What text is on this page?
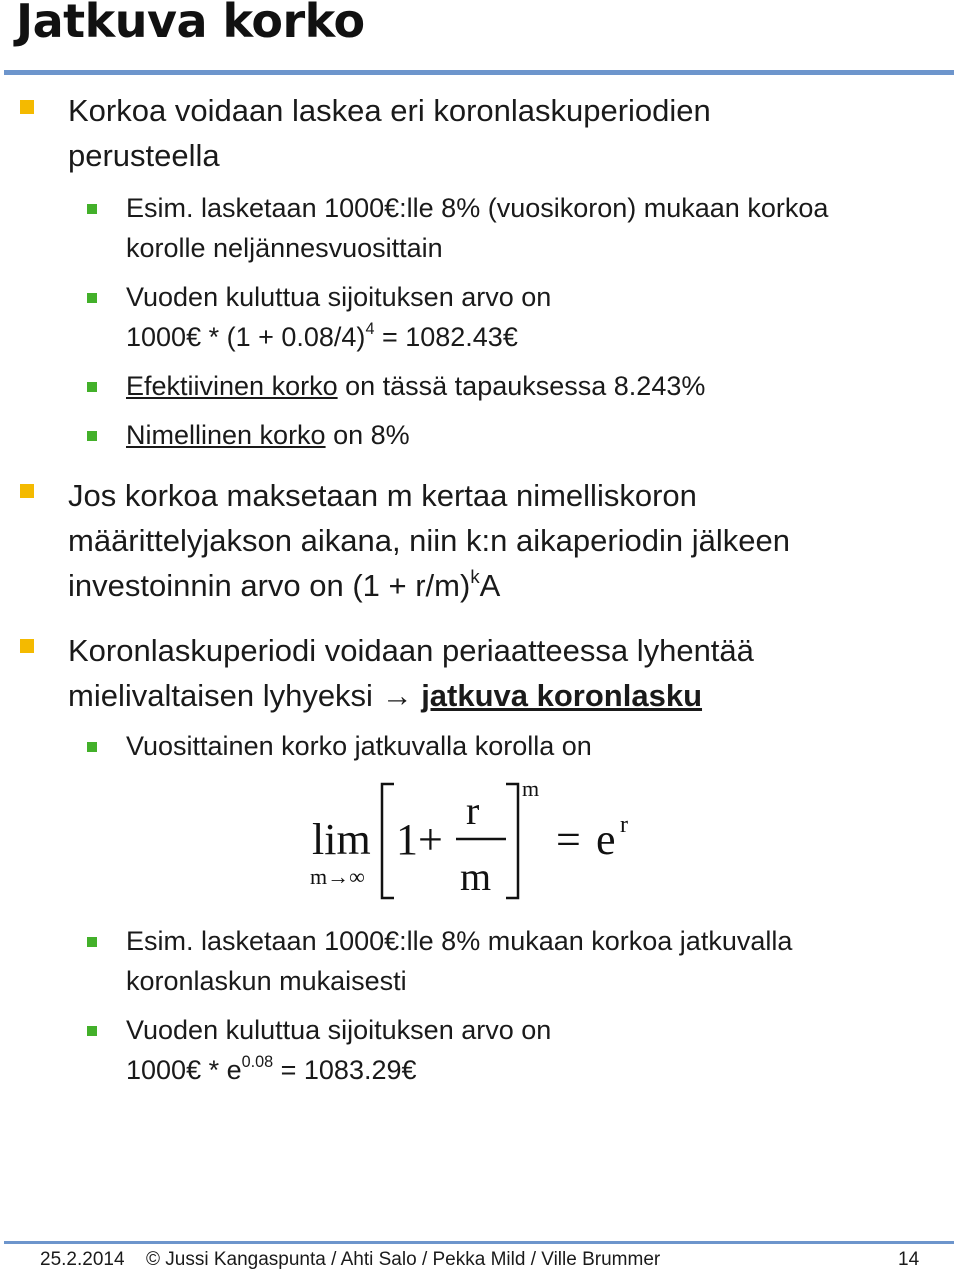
Jatkuva korko
Korkoa voidaan laskea eri koronlaskuperiodien
perusteella
Esim. lasketaan 1000€:lle 8% (vuosikoron) mukaan korkoa
korolle neljännesvuosittain
Vuoden kuluttua sijoituksen arvo on
1000€ * $(1 + 0.08/4)^4$ = 1082.43€
Efektiivinen korko on tässä tapauksessa 8.243%
Nimellinen korko on 8%
Jos korkoa maksetaan m kertaa nimelliskoron
määrittelyjakson aikana, niin k:n aikaperiodin jälkeen
investoinnin arvo on $(1 + r/m)^kA$
Koronlaskuperiodi voidaan periaatteessa lyhentää
mielivaltaisen lyhyeksi → jatkuva koronlasku
Vuosittainen korko jatkuvalla korolla on
lim
m→∞
1+
r
m
m
= e r
Esim. lasketaan 1000€:lle 8% mukaan korkoa jatkuvalla
koronlaskun mukaisesti
Vuoden kuluttua sijoituksen arvo on
1000€ * $e^{0.08}$ = 1083.29€
25.2.2014 © Jussi Kangaspunta / Ahti Salo / Pekka Mild / Ville Brummer	14
